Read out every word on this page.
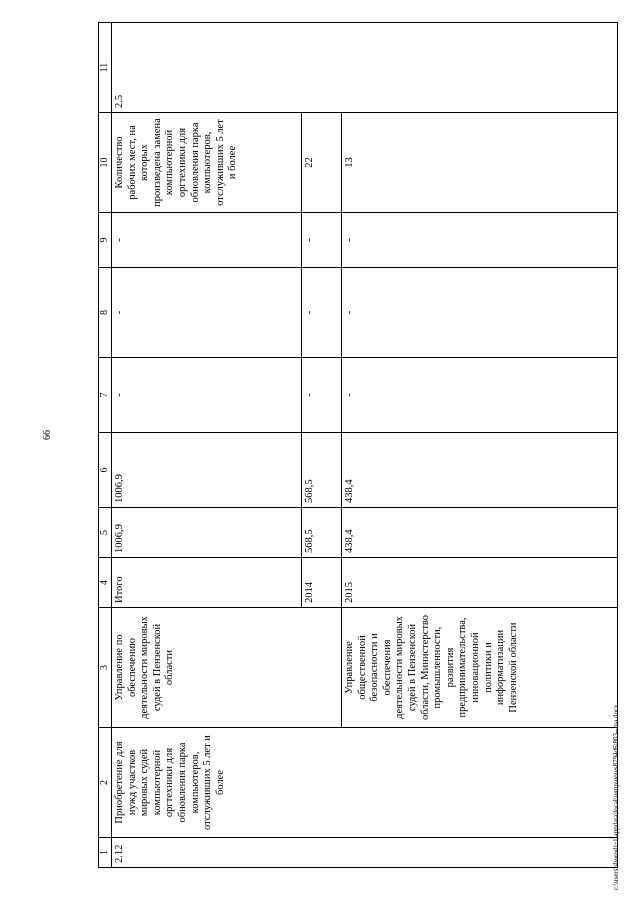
66
1	2	3	4	5	6	7	8	9	10	11
2.12	Приобретение для нужд участков мировых судей компьютерной оргтехники для обновления парка компьютеров, отслуживших 5 лет и более	Управление по обеспечению деятельности мировых судей в Пензенской области	Итого	1006,9	1006,9	-	-	-	Количество рабочих мест, на которых произведена замена компьютерной оргтехники для обновления парка компьютеров, отслуживших 5 лет и более	2.5
			2014	568,5	568,5	-	-	-	22	
		Управление общественной безопасности и обеспечения деятельности мировых судей в Пензенской области, Министерство промышленности, развития предпринимательства, инновационной политики и информатизации Пензенской области	2015	438,4	438,4	-	-	-	13	
c:\users\sborodi~1\appdata\local\temp\notes8794d6\803--ma.docx
